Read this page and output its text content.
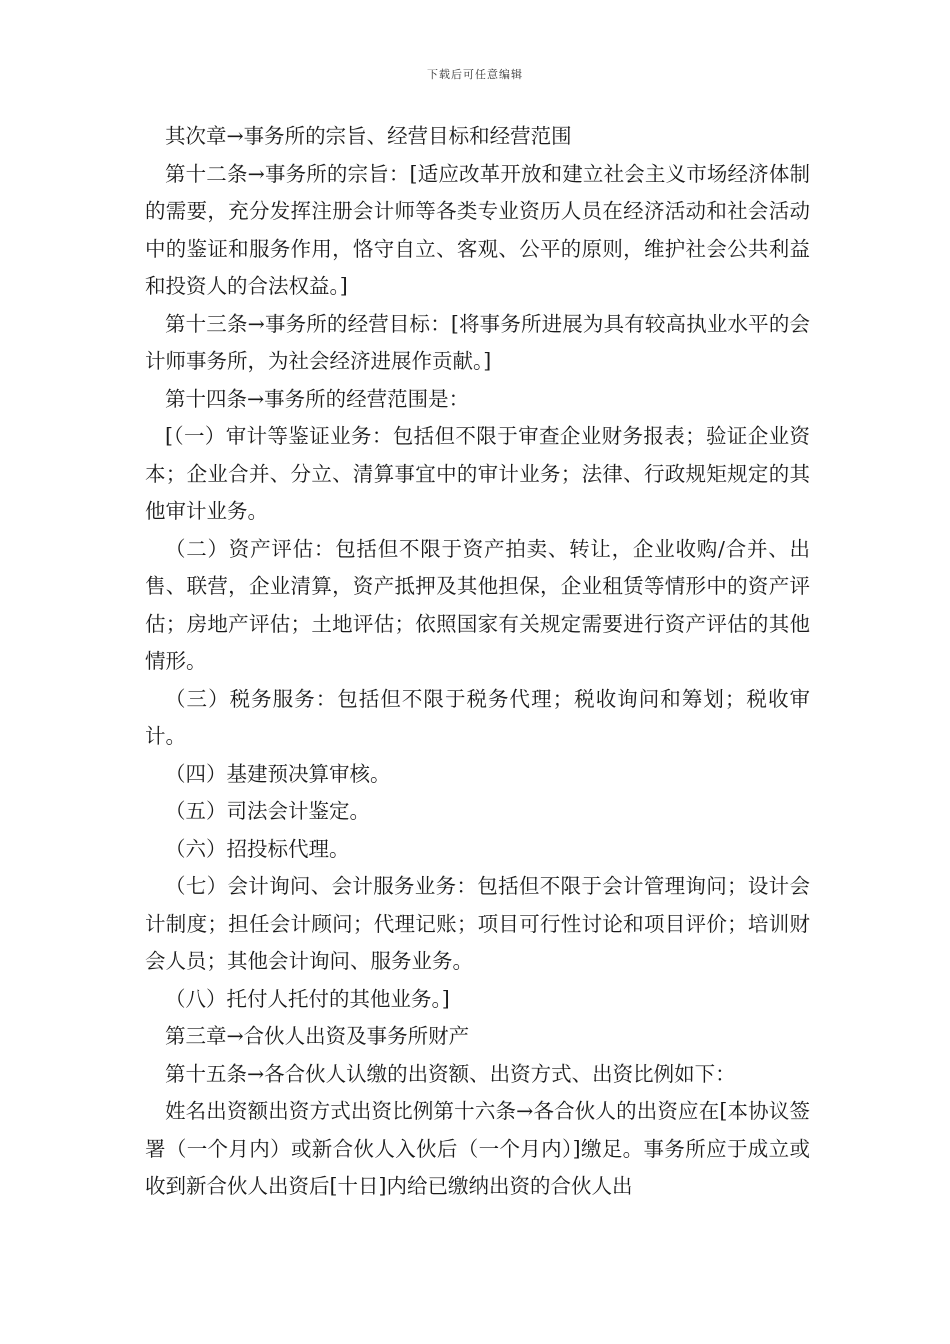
下载后可任意编辑

其次章→事务所的宗旨、经营目标和经营范围

第十二条→事务所的宗旨：[适应改革开放和建立社会主义市场经济体制的需要，充分发挥注册会计师等各类专业资历人员在经济活动和社会活动中的鉴证和服务作用，恪守自立、客观、公平的原则，维护社会公共利益和投资人的合法权益。]

第十三条→事务所的经营目标：[将事务所进展为具有较高执业水平的会计师事务所，为社会经济进展作贡献。]

第十四条→事务所的经营范围是：

[（一）审计等鉴证业务：包括但不限于审查企业财务报表；验证企业资本；企业合并、分立、清算事宜中的审计业务；法律、行政规矩规定的其他审计业务。

（二）资产评估：包括但不限于资产拍卖、转让，企业收购/合并、出售、联营，企业清算，资产抵押及其他担保，企业租赁等情形中的资产评估；房地产评估；土地评估；依照国家有关规定需要进行资产评估的其他情形。

（三）税务服务：包括但不限于税务代理；税收询问和筹划；税收审计。

（四）基建预决算审核。

（五）司法会计鉴定。

（六）招投标代理。

（七）会计询问、会计服务业务：包括但不限于会计管理询问；设计会计制度；担任会计顾问；代理记账；项目可行性讨论和项目评价；培训财会人员；其他会计询问、服务业务。

（八）托付人托付的其他业务。]

第三章→合伙人出资及事务所财产

第十五条→各合伙人认缴的出资额、出资方式、出资比例如下：

姓名出资额出资方式出资比例第十六条→各合伙人的出资应在[本协议签署（一个月内）或新合伙人入伙后（一个月内）]缴足。事务所应于成立或收到新合伙人出资后[十日]内给已缴纳出资的合伙人出
